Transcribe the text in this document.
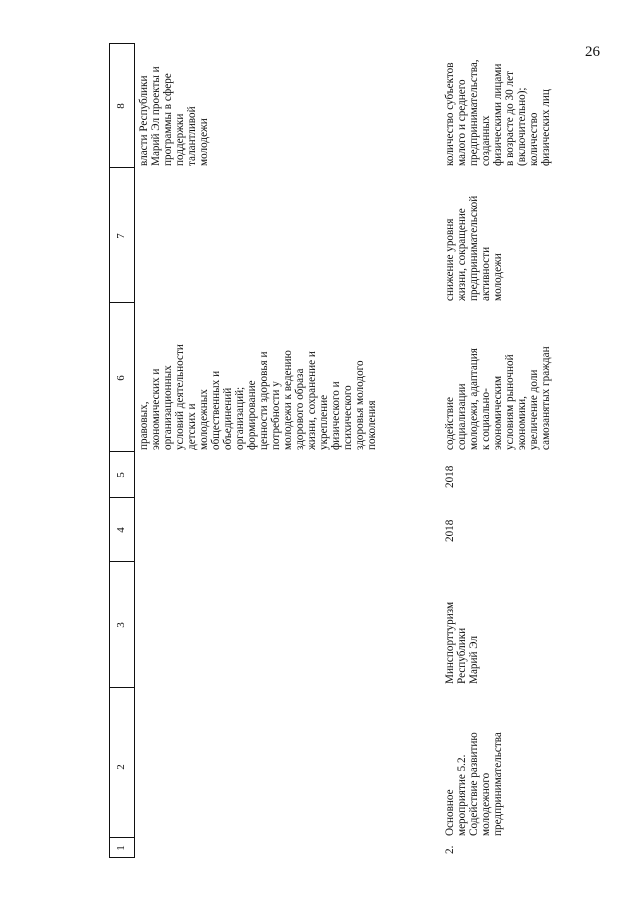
26
1
2
3
4
5
6
7
8
правовых,
экономических и
организационных
условий деятельности
детских и
молодежных
общественных и
объединений
организаций;
формирование
ценности здоровья и
потребности у
молодежи к ведению
здорового образа
жизни, сохранение и
укрепление
физического и
психического
здоровья молодого
поколения
власти Республики
Марий Эл проекты и
программы в сфере
поддержки
талантливой
молодежи
2.
Основное
мероприятие 5.2.
Содействие развитию
молодежного
предпринимательства
Минспорттуризм
Республики
Марий Эл
2018
2018
содействие
социализации
молодежи, адаптация
к социально-
экономическим
условиям рыночной
экономики,
увеличение доли
самозанятых граждан
снижение уровня
жизни, сокращение
предпринимательской
активности
молодежи
количество субъектов
малого и среднего
предпринимательства,
созданных
физическими лицами
в возрасте до 30 лет
(включительно);
количество
физических лиц
